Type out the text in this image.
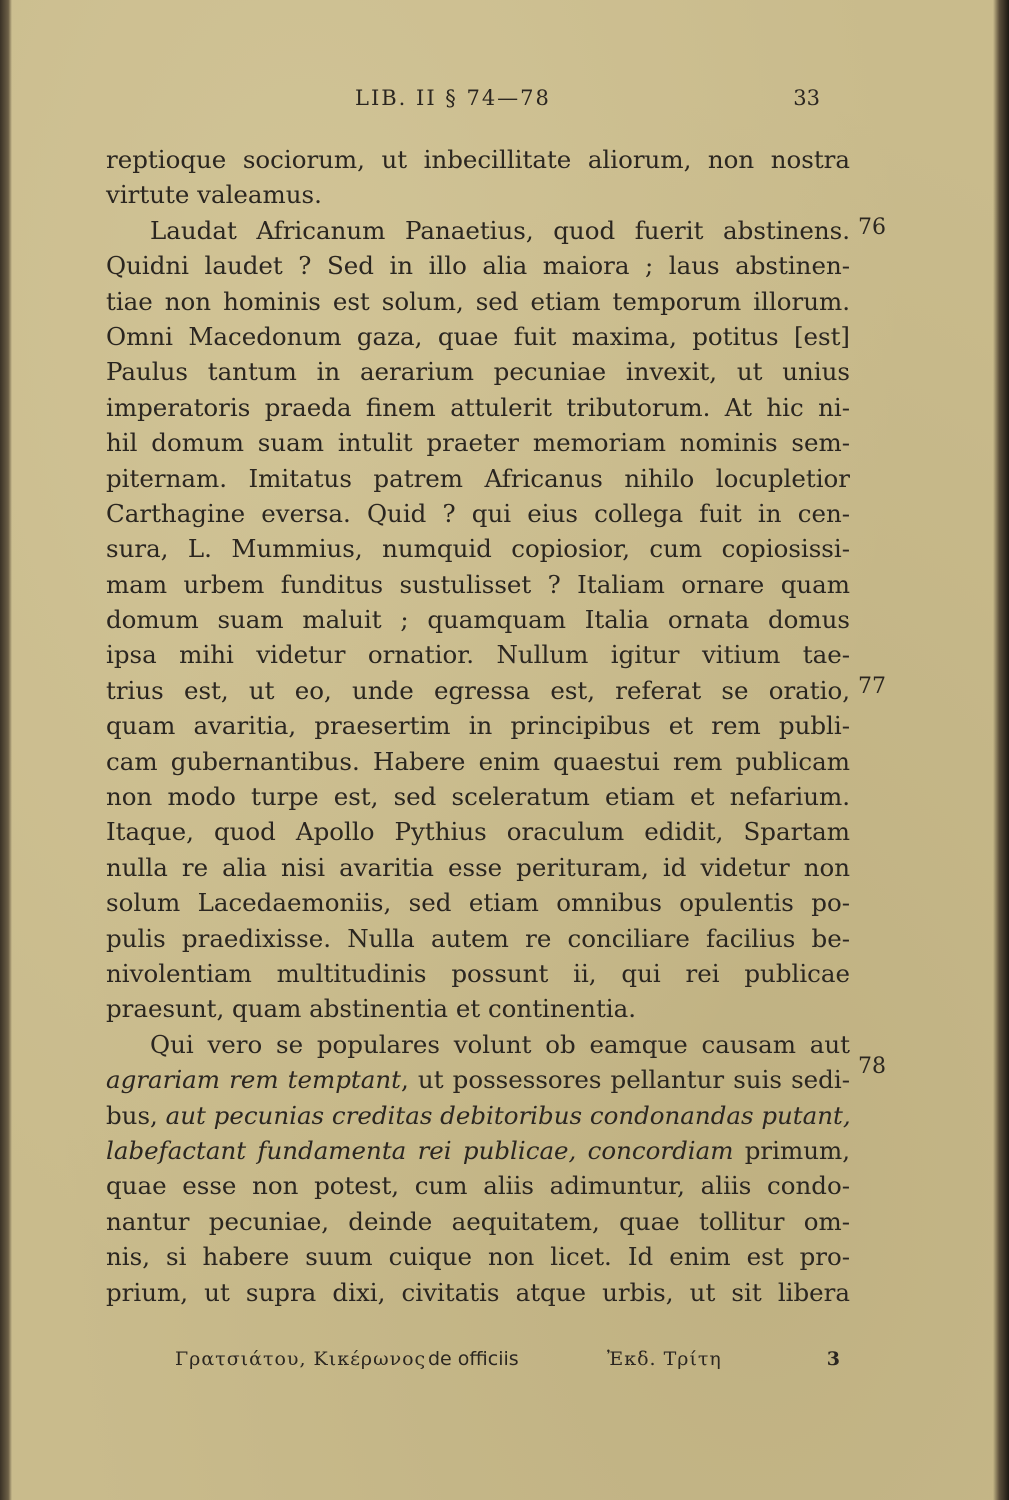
LIB. II § 74—78	33
76
77
78
reptioque sociorum, ut inbecillitate aliorum, non nostra
virtute valeamus.
Laudat Africanum Panaetius, quod fuerit abstinens.
Quidni laudet ? Sed in illo alia maiora ; laus abstinen-
tiae non hominis est solum, sed etiam temporum illorum.
Omni Macedonum gaza, quae fuit maxima, potitus [est]
Paulus tantum in aerarium pecuniae invexit, ut unius
imperatoris praeda finem attulerit tributorum. At hic ni-
hil domum suam intulit praeter memoriam nominis sem-
piternam. Imitatus patrem Africanus nihilo locupletior
Carthagine eversa. Quid ? qui eius collega fuit in cen-
sura, L. Mummius, numquid copiosior, cum copiosissi-
mam urbem funditus sustulisset ? Italiam ornare quam
domum suam maluit ; quamquam Italia ornata domus
ipsa mihi videtur ornatior. Nullum igitur vitium tae-
trius est, ut eo, unde egressa est, referat se oratio,
quam avaritia, praesertim in principibus et rem publi-
cam gubernantibus. Habere enim quaestui rem publicam
non modo turpe est, sed sceleratum etiam et nefarium.
Itaque, quod Apollo Pythius oraculum edidit, Spartam
nulla re alia nisi avaritia esse perituram, id videtur non
solum Lacedaemoniis, sed etiam omnibus opulentis po-
pulis praedixisse. Nulla autem re conciliare facilius be-
nivolentiam multitudinis possunt ii, qui rei publicae
praesunt, quam abstinentia et continentia.
Qui vero se populares volunt ob eamque causam aut
agrariam rem temptant, ut possessores pellantur suis sedi-
bus, aut pecunias creditas debitoribus condonandas putant,
labefactant fundamenta rei publicae, concordiam primum,
quae esse non potest, cum aliis adimuntur, aliis condo-
nantur pecuniae, deinde aequitatem, quae tollitur om-
nis, si habere suum cuique non licet. Id enim est pro-
prium, ut supra dixi, civitatis atque urbis, ut sit libera
Γρατσιάτου, Κικέρωνος de officiis	Ἐκδ. Τρίτη	3
